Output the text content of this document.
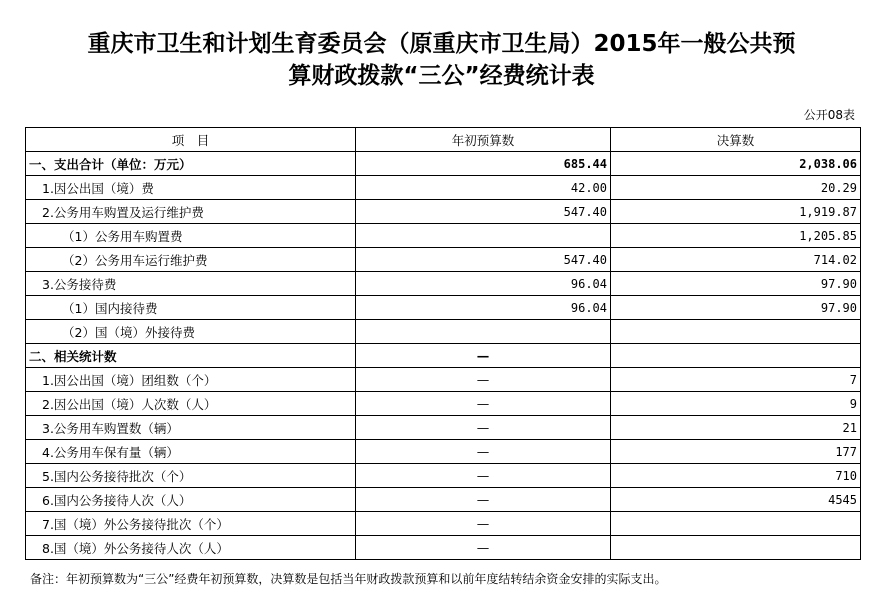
重庆市卫生和计划生育委员会（原重庆市卫生局）2015年一般公共预
算财政拨款“三公”经费统计表
公开08表
项　目	年初预算数	决算数
一、支出合计（单位：万元）	685.44	2,038.06
1.因公出国（境）费	42.00	20.29
2.公务用车购置及运行维护费	547.40	1,919.87
（1）公务用车购置费		1,205.85
（2）公务用车运行维护费	547.40	714.02
3.公务接待费	96.04	97.90
（1）国内接待费	96.04	97.90
（2）国（境）外接待费		
二、相关统计数	—	
1.因公出国（境）团组数（个）	—	7
2.因公出国（境）人次数（人）	—	9
3.公务用车购置数（辆）	—	21
4.公务用车保有量（辆）	—	177
5.国内公务接待批次（个）	—	710
6.国内公务接待人次（人）	—	4545
7.国（境）外公务接待批次（个）	—	
8.国（境）外公务接待人次（人）	—	
备注：年初预算数为“三公”经费年初预算数，决算数是包括当年财政拨款预算和以前年度结转结余资金安排的实际支出。
